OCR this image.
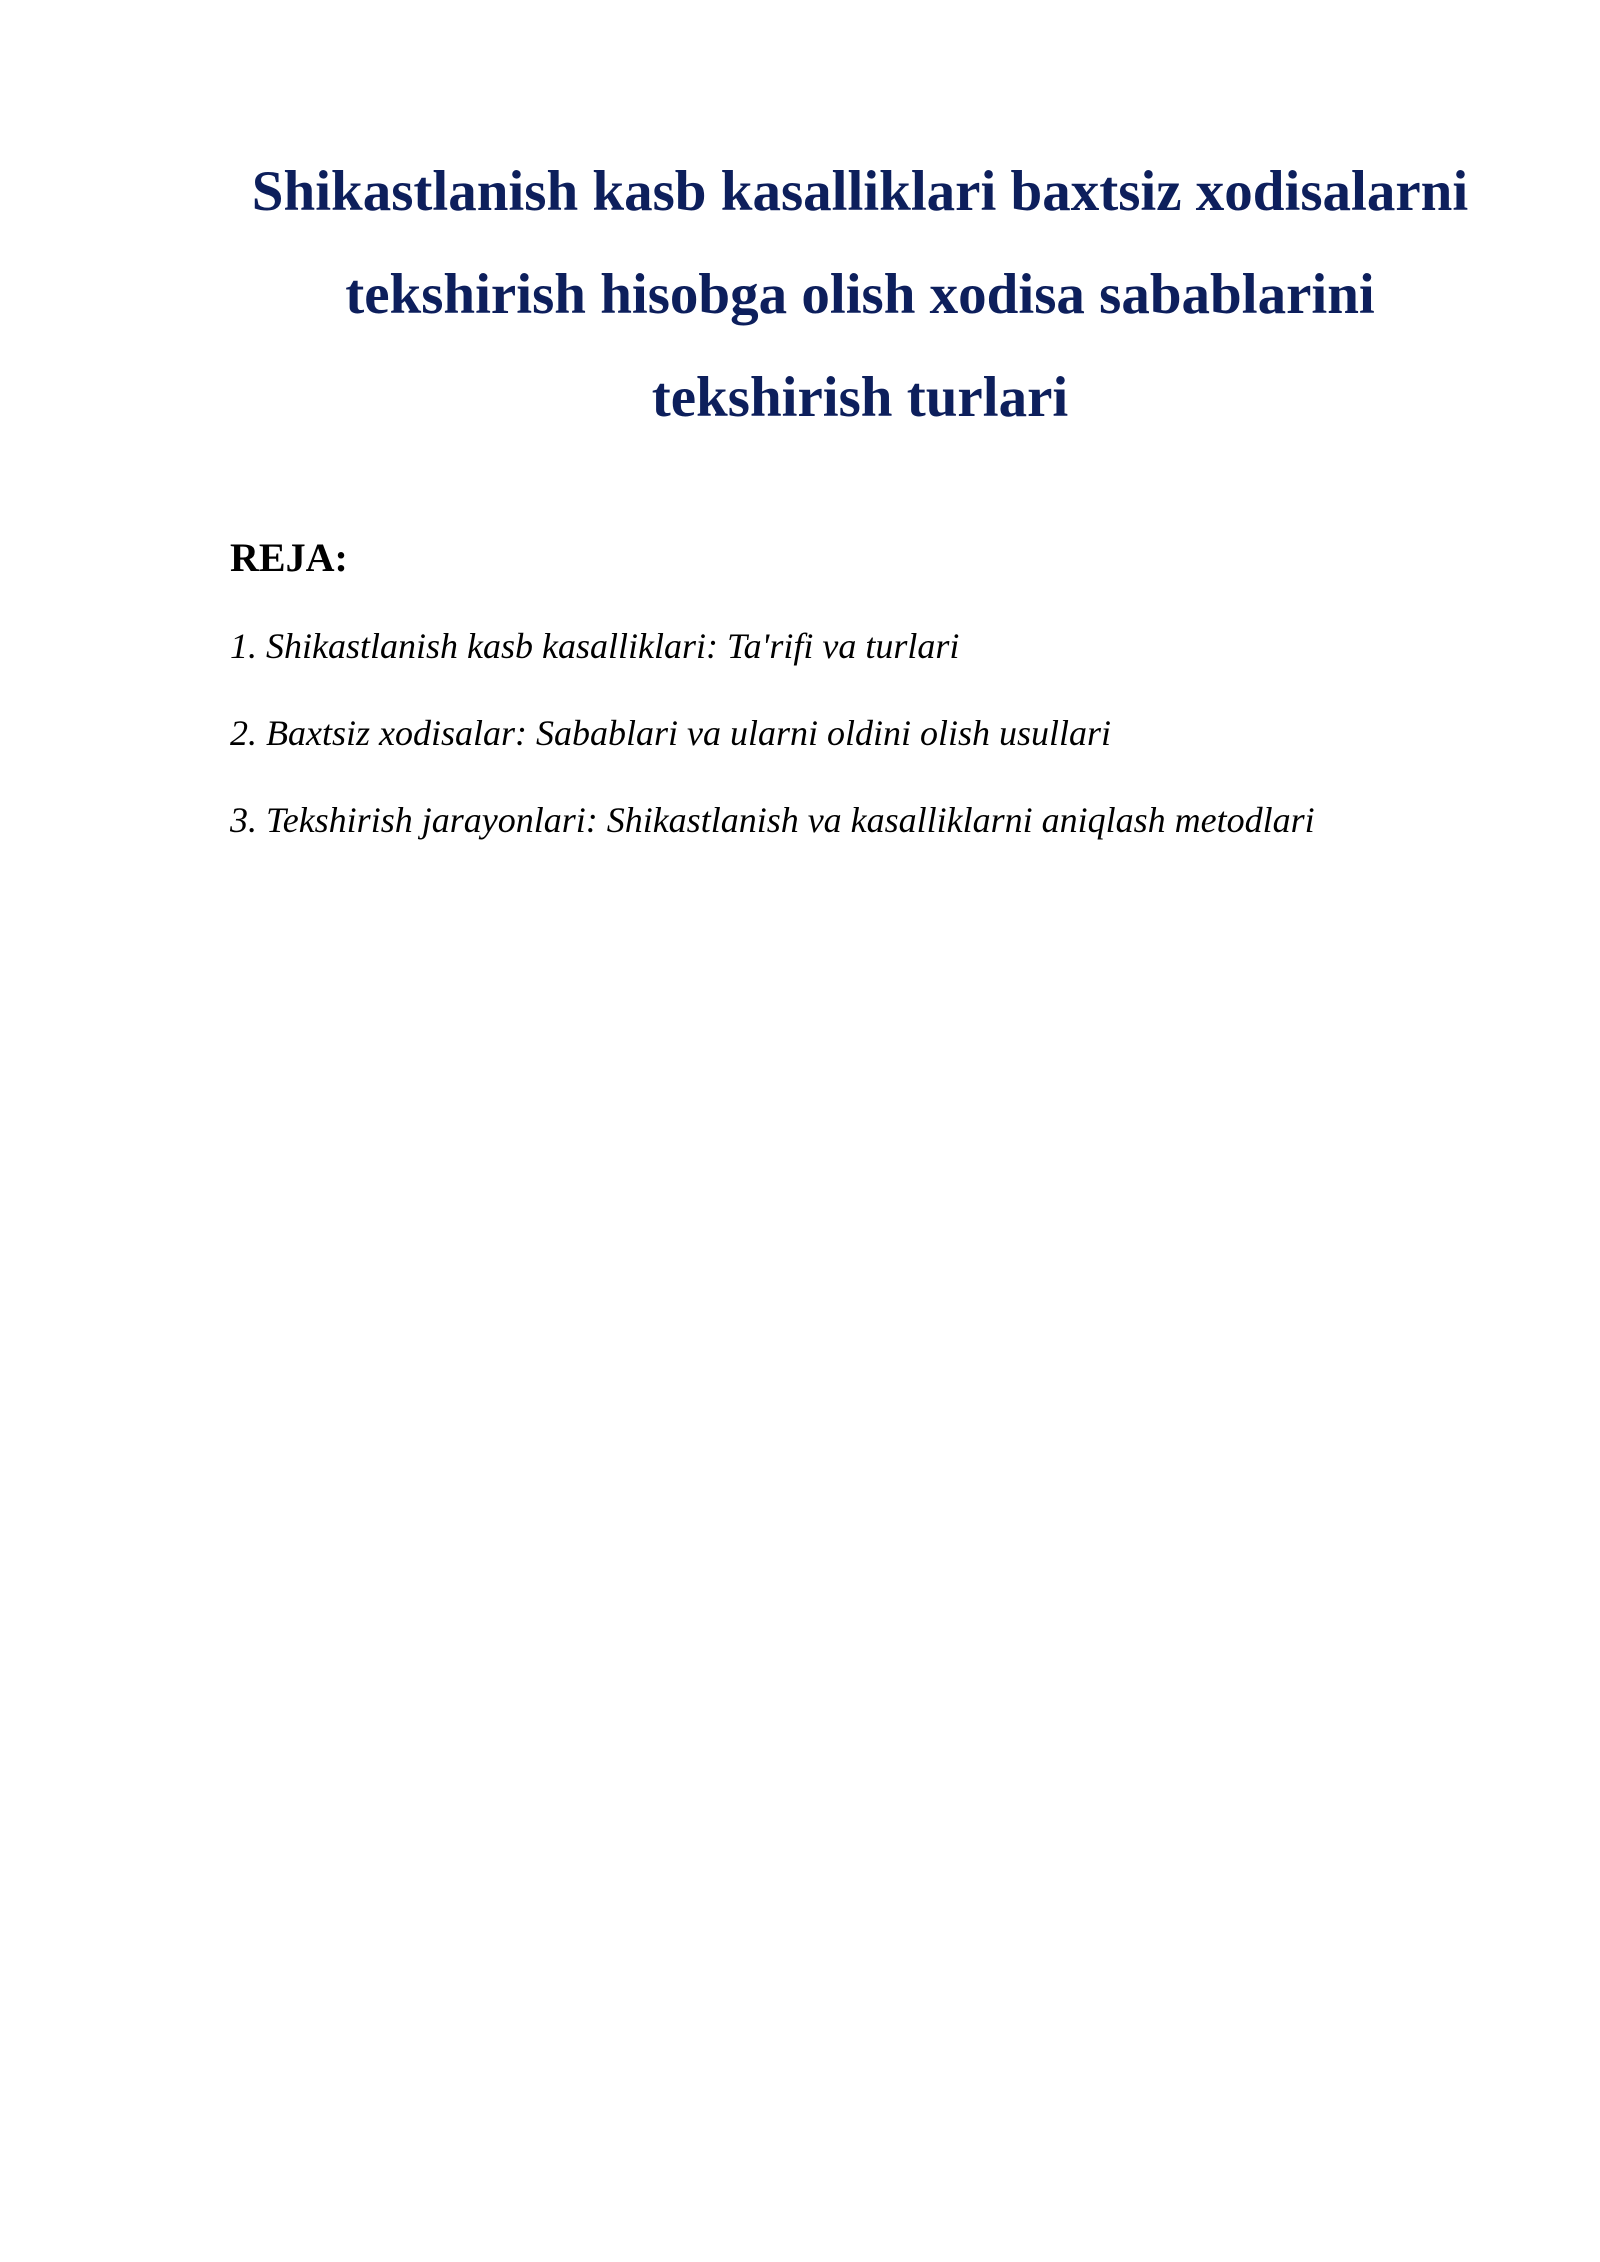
Shikastlanish kasb kasalliklari baxtsiz xodisalarni tekshirish hisobga olish xodisa sabablarini tekshirish turlari
REJA:
1. Shikastlanish kasb kasalliklari: Ta'rifi va turlari
2. Baxtsiz xodisalar: Sabablari va ularni oldini olish usullari
3. Tekshirish jarayonlari: Shikastlanish va kasalliklarni aniqlash metodlari
